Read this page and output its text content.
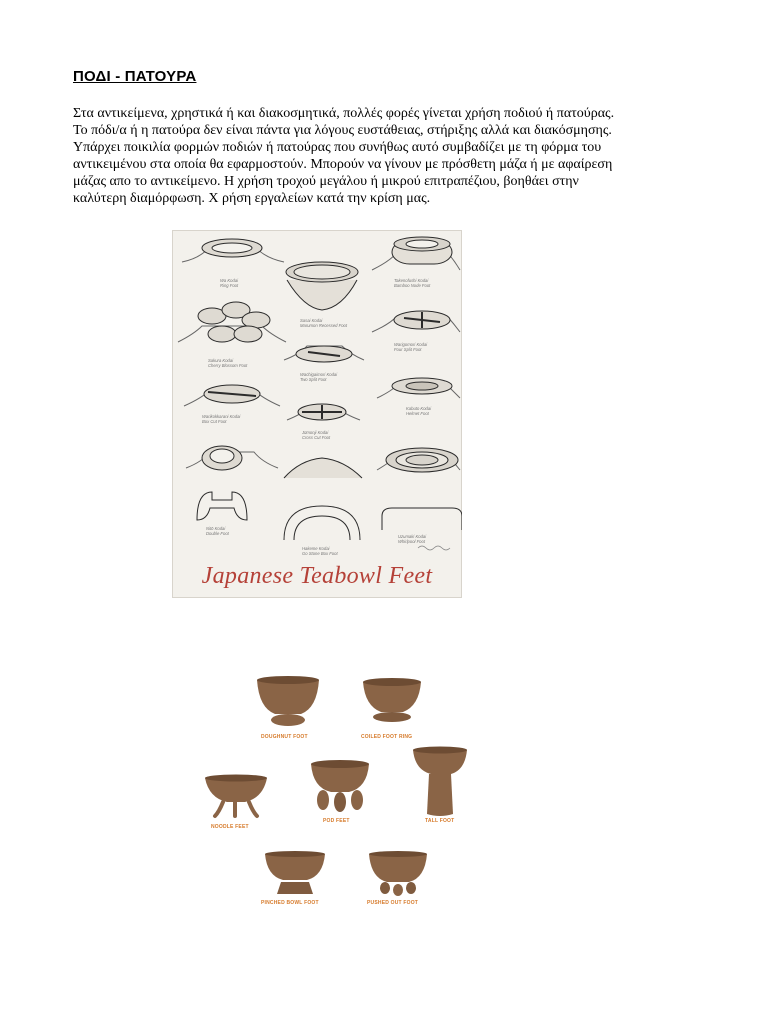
ΠΟΔΙ - ΠΑΤΟΥΡΑ

Στα αντικείμενα, χρηστικά ή και διακοσμητικά, πολλές φορές γίνεται χρήση ποδιού ή πατούρας.

Το πόδι/α ή η πατούρα δεν είναι πάντα για λόγους ευστάθειας, στήριξης αλλά και διακόσμησης.

Υπάρχει ποικιλία φορμών ποδιών ή πατούρας που συνήθως αυτό συμβαδίζει με τη φόρμα του

αντικειμένου στα οποία θα εφαρμοστούν. Μπορούν να γίνουν με πρόσθετη μάζα ή με αφαίρεση

μάζας απο το αντικείμενο. Η χρήση τροχού μεγάλου ή μικρού επιτραπέζιου, βοηθάει στην

καλύτερη διαμόρφωση. Χ ρήση εργαλείων κατά την κρίση μας.

Wa Kodai
Ring Foot
Sasai Kodai
Marumon Recessed Foot
Takenofushi Kodai
Bamboo Node Foot
Sakura Kodai
Cherry Blossom Foot
Wachigaimori Kodai
Two Split Foot
Warigomori Kodai
Four Split Foot
Warikokkarani Kodai
Box Cut Foot
Jūmonji Kodai
Cross Cut Foot
Kabuto Kodai
Helmet Foot
Nitō Kodai
Double Foot
Hakeme Kodai
Go Stone Box Foot
Uzumaki Kodai
Whirlpool Foot
Japanese Teabowl Feet
DOUGHNUT FOOT	COILED FOOT RING
NOODLE FEET
POD FEET	TALL FOOT
PINCHED BOWL FOOT	PUSHED OUT FOOT
